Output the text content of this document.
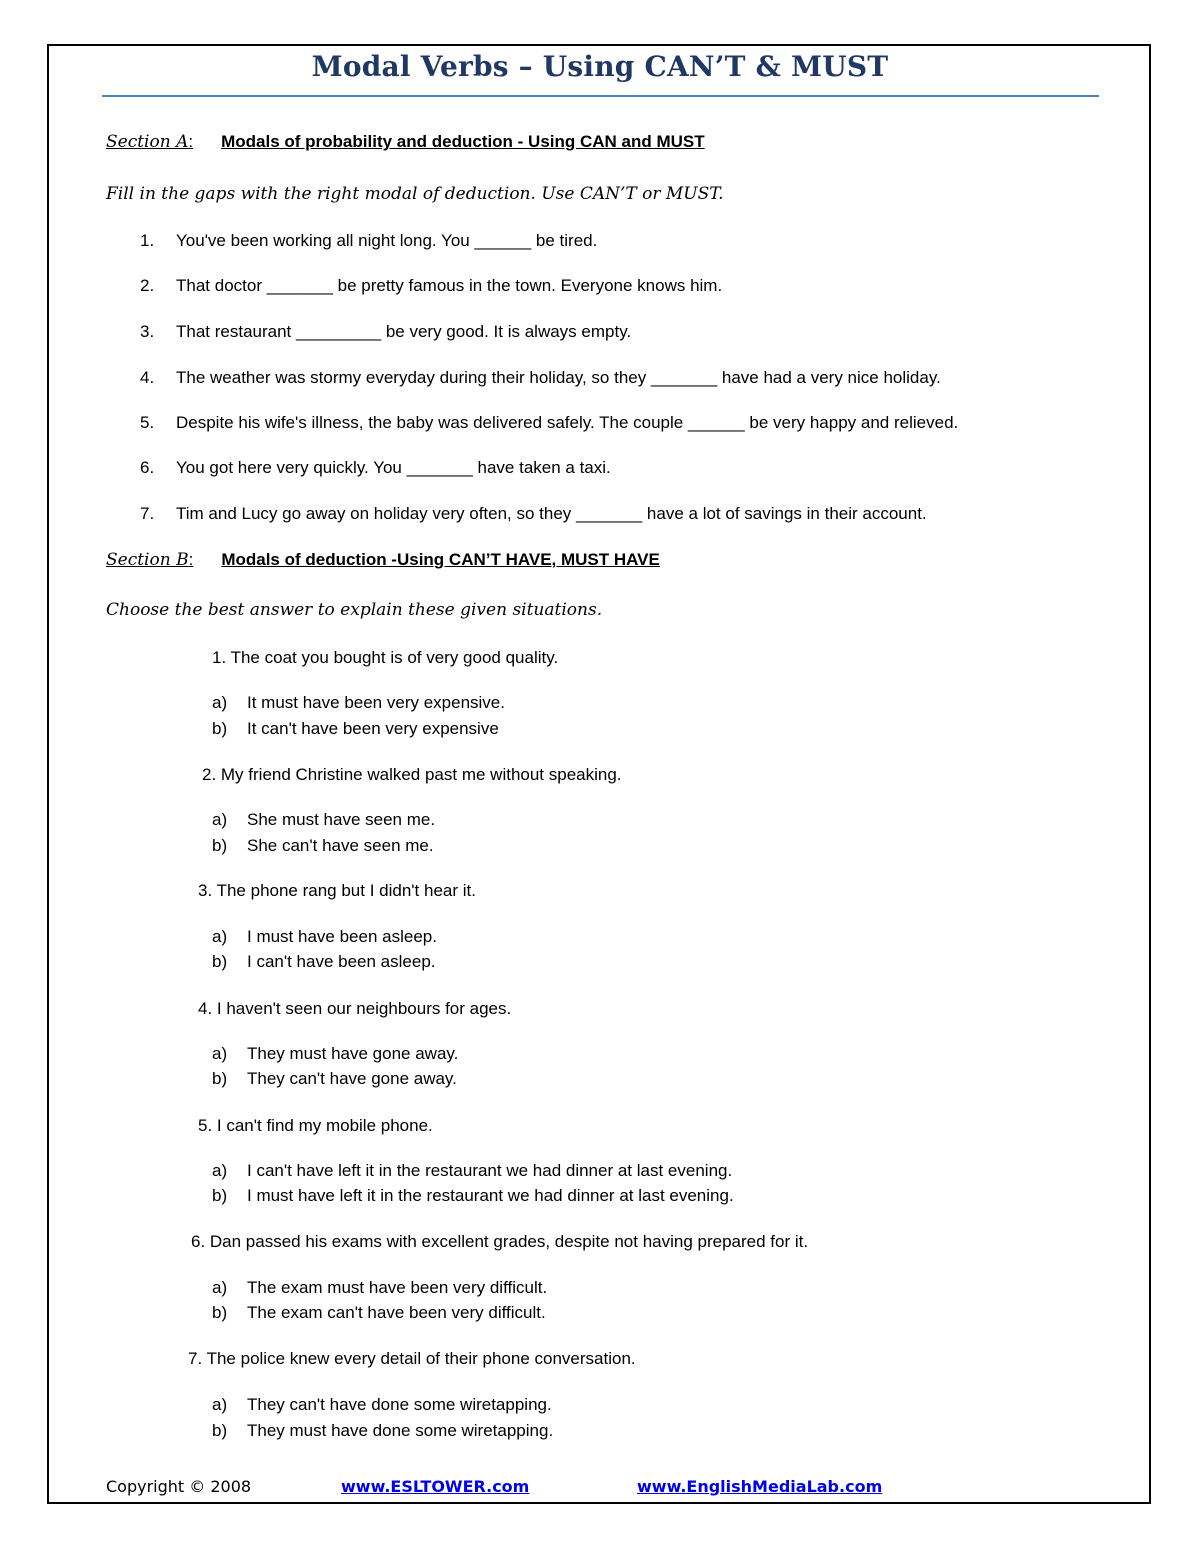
Modal Verbs – Using CAN’T & MUST
Section A: Modals of probability and deduction - Using CAN and MUST
Fill in the gaps with the right modal of deduction. Use CAN’T or MUST.
1. You've been working all night long. You ______ be tired.
2. That doctor _______ be pretty famous in the town. Everyone knows him.
3. That restaurant _________ be very good. It is always empty.
4. The weather was stormy everyday during their holiday, so they _______ have had a very nice holiday.
5. Despite his wife's illness, the baby was delivered safely. The couple ______ be very happy and relieved.
6. You got here very quickly. You _______ have taken a taxi.
7. Tim and Lucy go away on holiday very often, so they _______ have a lot of savings in their account.
Section B: Modals of deduction -Using CAN’T HAVE, MUST HAVE
Choose the best answer to explain these given situations.
1. The coat you bought is of very good quality.
a) It must have been very expensive.
b) It can't have been very expensive
2. My friend Christine walked past me without speaking.
a) She must have seen me.
b) She can't have seen me.
3. The phone rang but I didn't hear it.
a) I must have been asleep.
b) I can't have been asleep.
4. I haven't seen our neighbours for ages.
a) They must have gone away.
b) They can't have gone away.
5. I can't find my mobile phone.
a) I can't have left it in the restaurant we had dinner at last evening.
b) I must have left it in the restaurant we had dinner at last evening.
6. Dan passed his exams with excellent grades, despite not having prepared for it.
a) The exam must have been very difficult.
b) The exam can't have been very difficult.
7. The police knew every detail of their phone conversation.
a) They can't have done some wiretapping.
b) They must have done some wiretapping.
Copyright © 2008	www.ESLTOWER.com	www.EnglishMediaLab.com
